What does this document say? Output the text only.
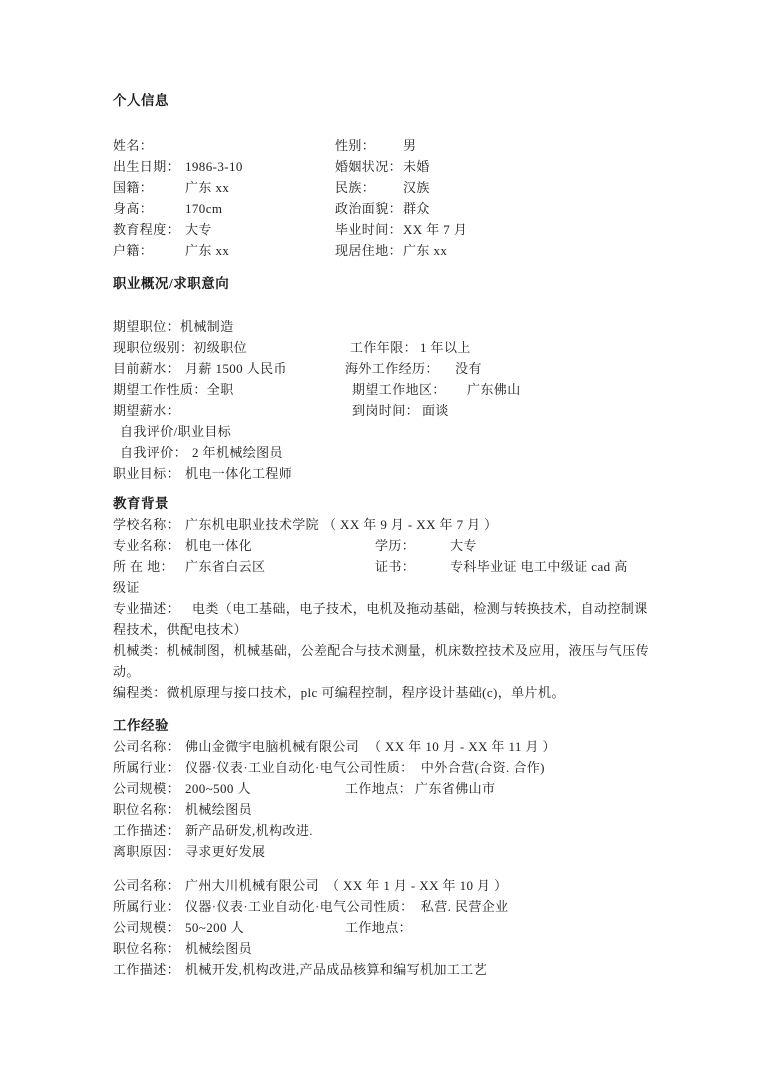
个人信息
姓名：	性别： 男
出生日期： 1986-3-10	婚姻状况： 未婚
国籍： 广东 xx	民族： 汉族
身高： 170cm	政治面貌： 群众
教育程度： 大专	毕业时间： XX 年 7 月
户籍： 广东 xx	现居住地： 广东 xx
职业概况/求职意向
期望职位：机械制造
现职位级别：初级职位	工作年限： 1 年以上
目前薪水： 月薪 1500 人民币	海外工作经历： 没有
期望工作性质：全职	期望工作地区： 广东佛山
期望薪水：	到岗时间： 面谈
自我评价/职业目标
自我评价： 2 年机械绘图员
职业目标： 机电一体化工程师
教育背景
学校名称： 广东机电职业技术学院 （ XX 年 9 月 - XX 年 7 月 ）
专业名称： 机电一体化	学历：	大专
所 在 地： 广东省白云区	证书：	专科毕业证 电工中级证 cad 高
级证
专业描述： 电类（电工基础，电子技术，电机及拖动基础，检测与转换技术，自动控制课
程技术，供配电技术）
机械类：机械制图，机械基础，公差配合与技术测量，机床数控技术及应用，液压与气压传
动。
编程类：微机原理与接口技术，plc 可编程控制，程序设计基础(c)，单片机。
工作经验
公司名称： 佛山金微宇电脑机械有限公司 （ XX 年 10 月 - XX 年 11 月 ）
所属行业： 仪器·仪表·工业自动化·电气公司性质：  中外合营(合资. 合作)
公司规模： 200~500 人	工作地点： 广东省佛山市
职位名称： 机械绘图员
工作描述： 新产品研发,机构改进.
离职原因： 寻求更好发展
公司名称： 广州大川机械有限公司 （ XX 年 1 月 - XX 年 10 月 ）
所属行业： 仪器·仪表·工业自动化·电气公司性质：  私营. 民营企业
公司规模： 50~200 人	工作地点：
职位名称： 机械绘图员
工作描述： 机械开发,机构改进,产品成品核算和编写机加工工艺
